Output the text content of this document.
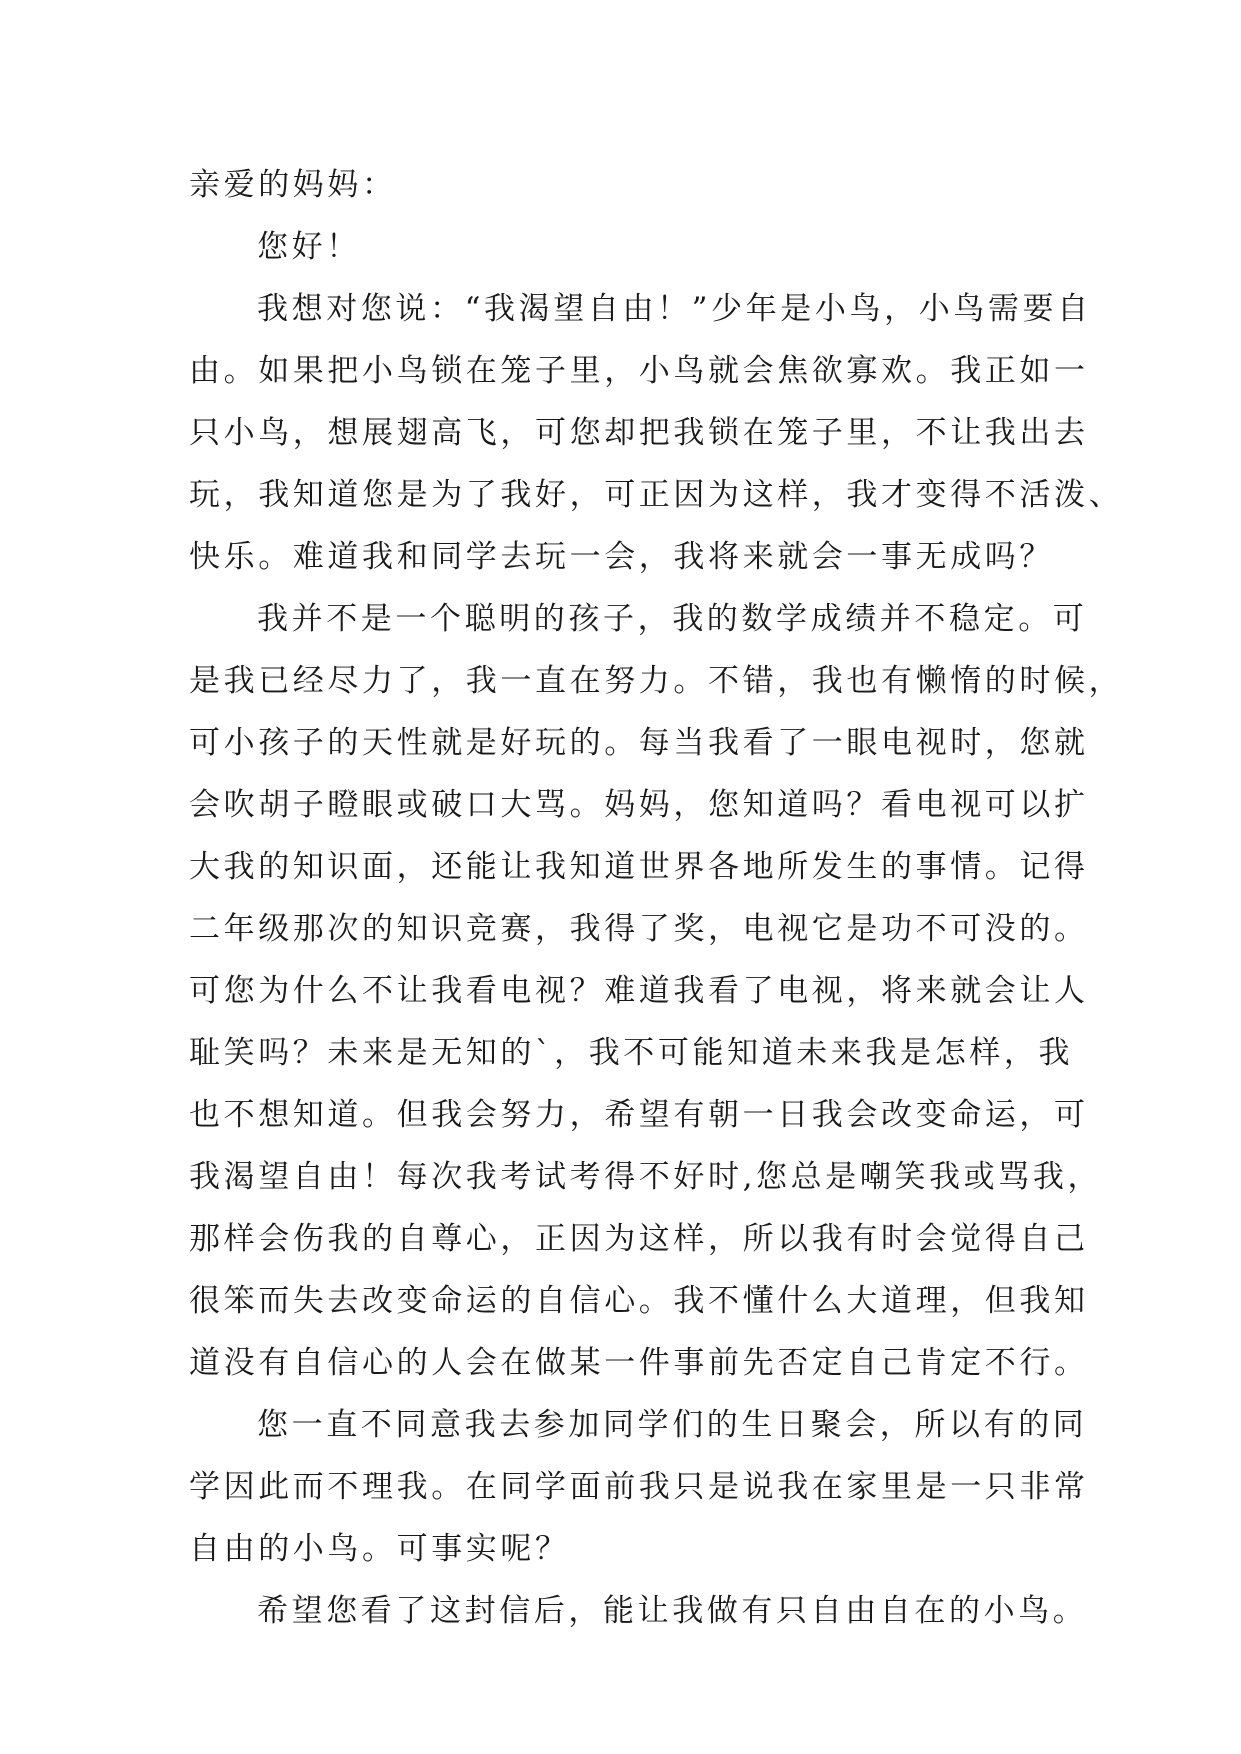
亲爱的妈妈：
您好！
我想对您说：“我渴望自由！”少年是小鸟，小鸟需要自
由。如果把小鸟锁在笼子里，小鸟就会焦欲寡欢。我正如一
只小鸟，想展翅高飞，可您却把我锁在笼子里，不让我出去
玩，我知道您是为了我好，可正因为这样，我才变得不活泼、
快乐。难道我和同学去玩一会，我将来就会一事无成吗？
我并不是一个聪明的孩子，我的数学成绩并不稳定。可
是我已经尽力了，我一直在努力。不错，我也有懒惰的时候，
可小孩子的天性就是好玩的。每当我看了一眼电视时，您就
会吹胡子瞪眼或破口大骂。妈妈，您知道吗？看电视可以扩
大我的知识面，还能让我知道世界各地所发生的事情。记得
二年级那次的知识竞赛，我得了奖，电视它是功不可没的。
可您为什么不让我看电视？难道我看了电视，将来就会让人
耻笑吗？未来是无知的`，我不可能知道未来我是怎样，我
也不想知道。但我会努力，希望有朝一日我会改变命运，可
我渴望自由！每次我考试考得不好时,您总是嘲笑我或骂我，
那样会伤我的自尊心，正因为这样，所以我有时会觉得自己
很笨而失去改变命运的自信心。我不懂什么大道理，但我知
道没有自信心的人会在做某一件事前先否定自己肯定不行。
您一直不同意我去参加同学们的生日聚会，所以有的同
学因此而不理我。在同学面前我只是说我在家里是一只非常
自由的小鸟。可事实呢？
希望您看了这封信后，能让我做有只自由自在的小鸟。
